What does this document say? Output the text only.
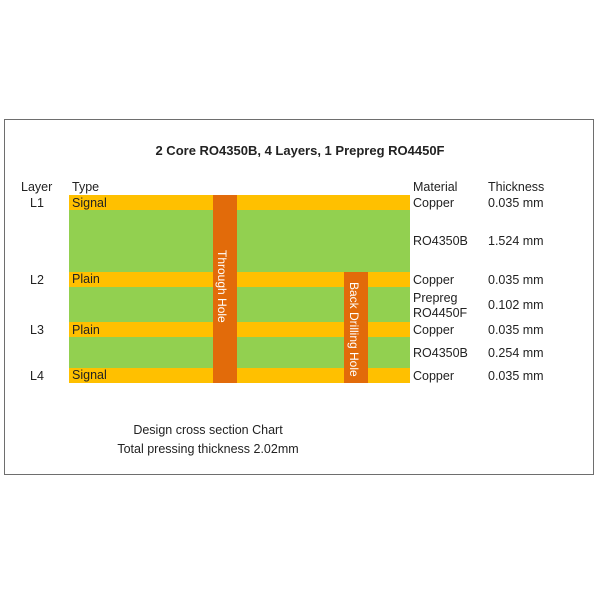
2 Core RO4350B, 4 Layers, 1 Prepreg RO4450F
Layer Type	Material Thickness
Through Hole	Back Drilling Hole
L1
L2
L3
L4
Signal
Plain
Plain
Signal
Copper
RO4350B
Copper
Prepreg
RO4450F
Copper
RO4350B
Copper
0.035 mm
1.524 mm
0.035 mm
0.102 mm
0.035 mm
0.254 mm
0.035 mm
Design cross section Chart
Total pressing thickness 2.02mm
